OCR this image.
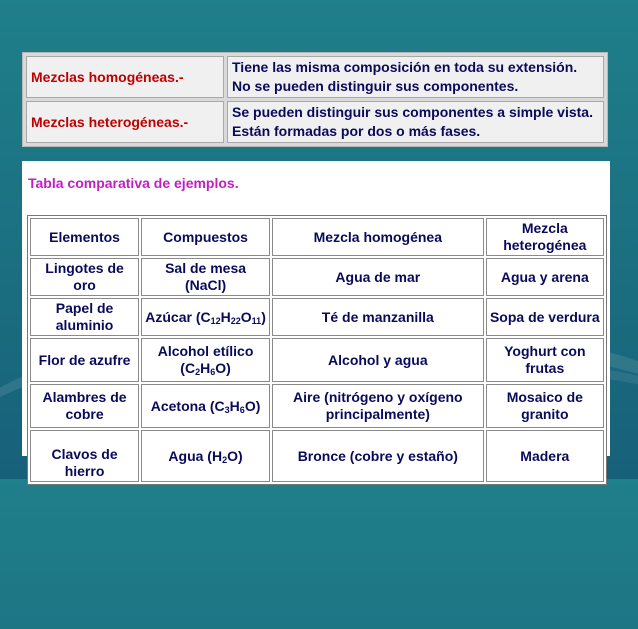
Mezclas homogéneas.-	Tiene las misma composición en toda su extensión. No se pueden distinguir sus componentes.
Mezclas heterogéneas.-	Se pueden distinguir sus componentes a simple vista. Están formadas por dos o más fases.
Tabla comparativa de ejemplos.
Elementos	Compuestos	Mezcla homogénea	Mezcla heterogénea
Lingotes de oro	Sal de mesa (NaCl)	Agua de mar	Agua y arena
Papel de aluminio	Azúcar $(C_{12}H_{22}O_{11})$	Té de manzanilla	Sopa de verdura
Flor de azufre	Alcohol etílico $(C_2H_6O)$	Alcohol y agua	Yoghurt con frutas
Alambres de cobre	Acetona $(C_3H_6O)$	Aire (nitrógeno y oxígeno principalmente)	Mosaico de granito
Clavos de hierro	Agua $(H_2O)$	Bronce (cobre y estaño)	Madera
